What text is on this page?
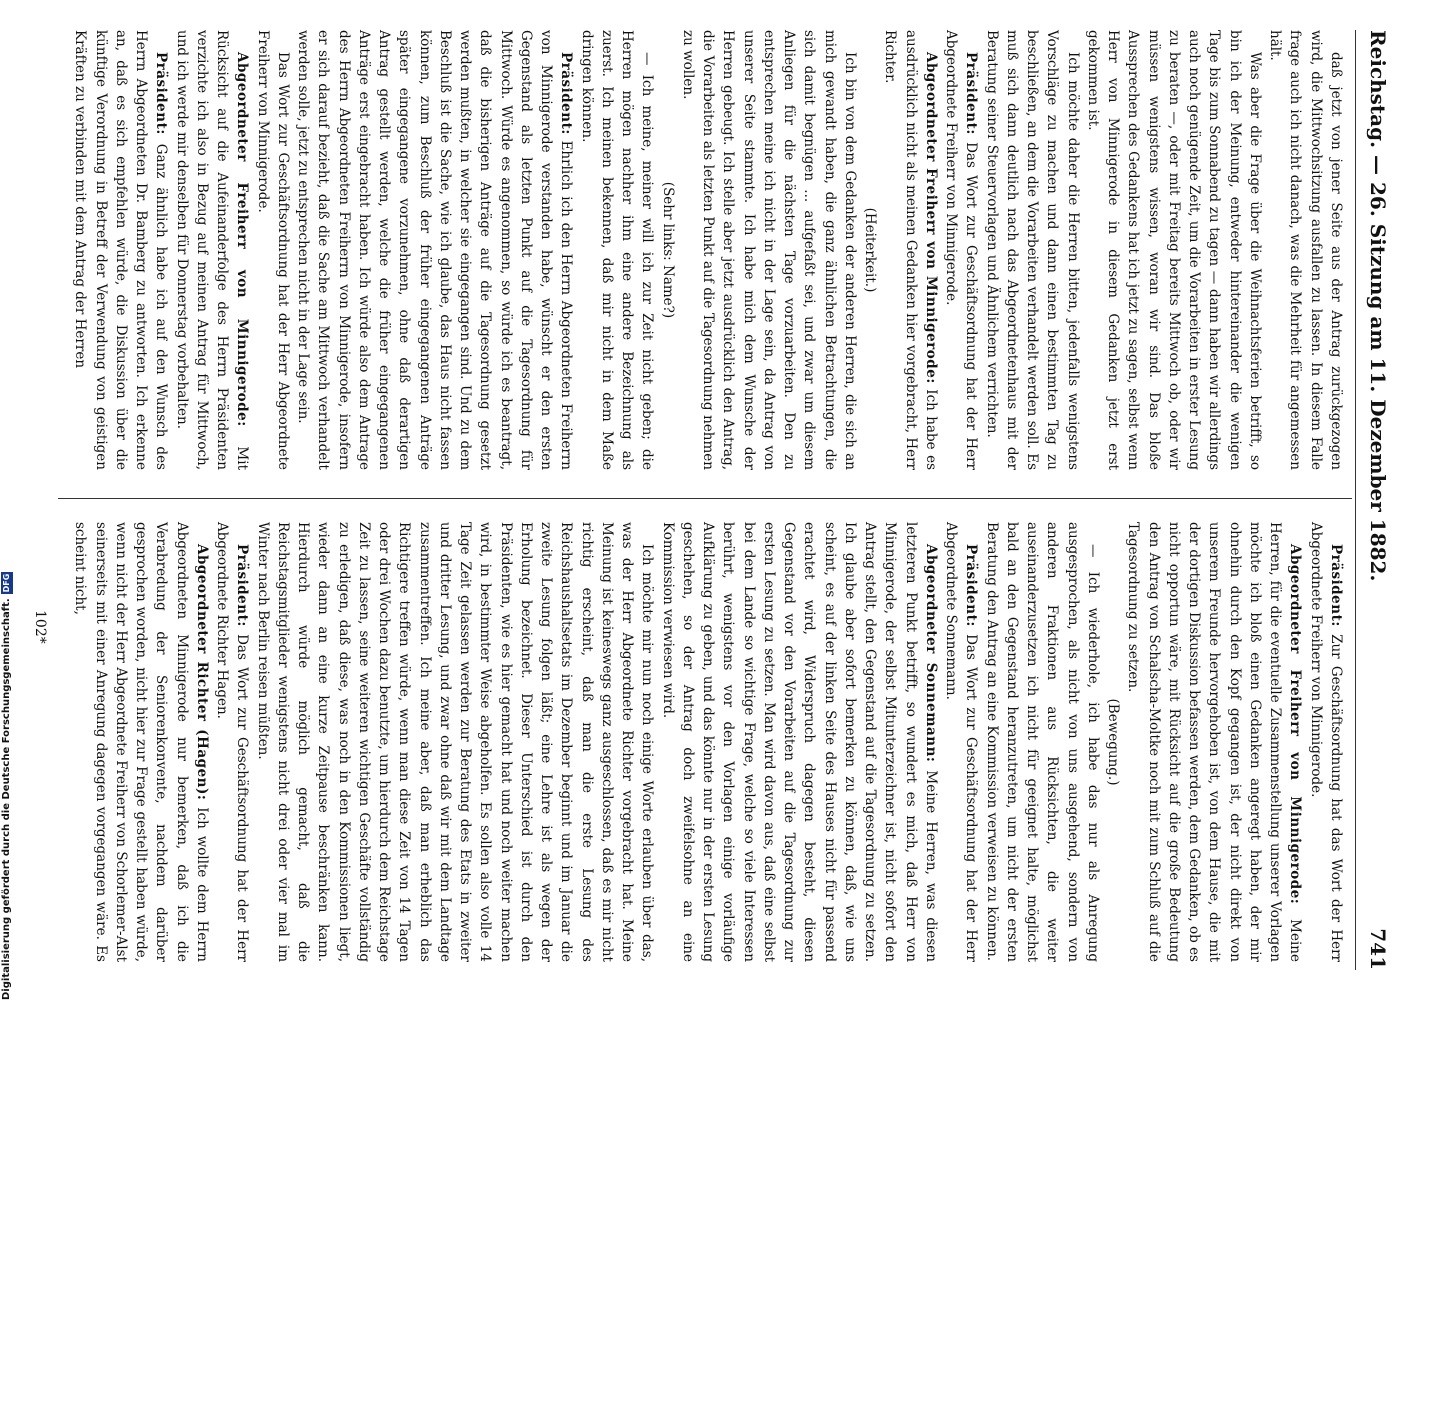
Reichstag. — 26. Sitzung am 11. Dezember 1882.
741

daß jetzt von jener Seite aus der Antrag zurückgezogen wird, die Mittwochsitzung ausfallen zu lassen. In diesem Falle frage auch ich nicht danach, was die Mehrheit für angemessen hält.

Was aber die Frage über die Weihnachtsferien betrifft, so bin ich der Meinung, entweder hintereinander die wenigen Tage bis zum Sonnabend zu tagen — dann haben wir allerdings auch noch genügende Zeit, um die Vorarbeiten in erster Lesung zu beraten —, oder mit Freitag bereits Mittwoch ob, oder wir müssen wenigstens wissen, woran wir sind. Das bloße Aussprechen des Gedankens hat ich jetzt zu sagen, selbst wenn Herr von Minnigerode in diesem Gedanken jetzt erst gekommen ist.

Ich möchte daher die Herren bitten, jedenfalls wenigstens Vorschläge zu machen und dann einen bestimmten Tag zu beschließen, an dem die Vorarbeiten verhandelt werden soll. Es muß sich dann deutlich nach das Abgeordnetenhaus mit der Beratung seiner Steuervorlagen und Ähnlichem verrichten.

Präsident: Das Wort zur Geschäftsordnung hat der Herr Abgeordnete Freiherr von Minnigerode.

Abgeordneter Freiherr von Minnigerode: Ich habe es ausdrücklich nicht als meinen Gedanken hier vorgebracht, Herr Richter.

(Heiterkeit.)

Ich bin von dem Gedanken der anderen Herren, die sich an mich gewandt haben, die ganz ähnlichen Betrachtungen, die sich damit begnügen ... aufgefaßt sei, und zwar um diesem Anliegen für die nächsten Tage vorzuarbeiten. Den zu entsprechen meine ich nicht in der Lage sein, da Antrag von unserer Seite stammte. Ich habe mich dem Wunsche der Herren gebeugt. Ich stelle aber jetzt ausdrücklich den Antrag, die Vorarbeiten als letzten Punkt auf die Tagesordnung nehmen zu wollen.

(Sehr links: Name?)

— Ich meine, meiner will ich zur Zeit nicht geben; die Herren mögen nachher ihm eine andere Bezeichnung als zuerst. Ich meinen bekennen, daß mir nicht in dem Maße dringen können.

Präsident: Ehrlich ich den Herrn Abgeordneten Freiherrn von Minnigerode verstanden habe, wünscht er den ersten Gegenstand als letzten Punkt auf die Tagesordnung für Mittwoch. Würde es angenommen, so würde ich es beantragt, daß die bisherigen Anträge auf die Tagesordnung gesetzt werden mußten, in welcher sie eingegangen sind. Und zu dem Beschluß ist die Sache, wie ich glaube, das Haus nicht fassen können, zum Beschluß der früher eingegangenen Anträge später eingegangene vorzunehmen, ohne daß derartigen Antrag gestellt werden, welche die früher eingegangenen Anträge erst eingebracht haben. Ich würde also dem Antrage des Herrn Abgeordneten Freiherrn von Minnigerode, insofern er sich darauf bezieht, daß die Sache am Mittwoch verhandelt werden solle, jetzt zu entsprechen nicht in der Lage sein.

Das Wort zur Geschäftsordnung hat der Herr Abgeordnete Freiherr von Minnigerode.

Abgeordneter Freiherr von Minnigerode: Mit Rücksicht auf die Aufeinanderfolge des Herrn Präsidenten verzichte ich also in Bezug auf meinen Antrag für Mittwoch, und ich werde mir denselben für Donnerstag vorbehalten.

Präsident: Ganz ähnlich habe ich auf den Wunsch des Herrn Abgeordneten Dr. Bamberg zu antworten. Ich erkenne an, daß es sich empfehlen würde, die Diskussion über die künftige Verordnung in Betreff der Verwendung von geistigen Kräften zu verbinden mit dem Antrag der Herren

Präsident: Zur Geschäftsordnung hat das Wort der Herr Abgeordnete Freiherr von Minnigerode.

Abgeordneter Freiherr von Minnigerode: Meine Herren, für die eventuelle Zusammenstellung unserer Vorlagen möchte ich bloß einen Gedanken angeregt haben, der mir ohnehin durch den Kopf gegangen ist, der nicht direkt von unserem Freunde hervorgehoben ist, von dem Hause, die mit der dortigen Diskussion befassen werden, dem Gedanken, ob es nicht opportun wäre, mit Rücksicht auf die große Bedeutung den Antrag von Schalscha-Moltke noch mit zum Schluß auf die Tagesordnung zu setzen.

(Bewegung.)

— Ich wiederhole, ich habe das nur als Anregung ausgesprochen, als nicht von uns ausgehend, sondern von anderen Fraktionen aus Rücksichten, die weiter auseinanderzusetzen ich nicht für geeignet halte, möglichst bald an den Gegenstand heranzutreten, um nicht der ersten Beratung den Antrag an eine Kommission verweisen zu können.

Präsident: Das Wort zur Geschäftsordnung hat der Herr Abgeordnete Sonnemann.

Abgeordneter Sonnemann: Meine Herren, was diesen letzteren Punkt betrifft, so wundert es mich, daß Herr von Minnigerode, der selbst Mitunterzeichner ist, nicht sofort den Antrag stellt, den Gegenstand auf die Tagesordnung zu setzen. Ich glaube aber sofort bemerken zu können, daß, wie uns scheint, es auf der linken Seite des Hauses nicht für passend erachtet wird, Widerspruch dagegen besteht, diesen Gegenstand vor den Vorarbeiten auf die Tagesordnung zur ersten Lesung zu setzen. Man wird davon aus, daß eine selbst bei dem Lande so wichtige Frage, welche so viele Interessen berührt, wenigstens vor den Vorlagen einige vorläufige Aufklärung zu geben, und das könnte nur in der ersten Lesung geschehen, so der Antrag doch zweifelsohne an eine Kommission verwiesen wird.

Ich möchte mir nun noch einige Worte erlauben über das, was der Herr Abgeordnete Richter vorgebracht hat. Meine Meinung ist keineswegs ganz ausgeschlossen, daß es mir nicht richtig erscheint, daß man die erste Lesung des Reichshaushaltsetats im Dezember beginnt und im Januar die zweite Lesung folgen läßt; eine Lehre ist als wegen der Erholung bezeichnet. Dieser Unterschied ist durch den Präsidenten, wie es hier gemacht hat und noch weiter machen wird, in bestimmter Weise abgeholfen. Es sollen also volle 14 Tage Zeit gelassen werden zur Beratung des Etats in zweiter und dritter Lesung, und zwar ohne daß wir mit dem Landtage zusammentreffen. Ich meine aber, daß man erheblich das Richtigere treffen würde, wenn man diese Zeit von 14 Tagen oder drei Wochen dazu benutzte, um hierdurch dem Reichstage Zeit zu lassen, seine weiteren wichtigen Geschäfte vollständig zu erledigen, daß diese, was noch in den Kommissionen liegt, wieder dann an eine kurze Zeitpause beschränken kann. Hierdurch würde möglich gemacht, daß die Reichstagsmitglieder wenigstens nicht drei oder vier mal im Winter nach Berlin reisen müßten.

Präsident: Das Wort zur Geschäftsordnung hat der Herr Abgeordnete Richter Hagen.

Abgeordneter Richter (Hagen): Ich wollte dem Herrn Abgeordneten Minnigerode nur bemerken, daß ich die Verabredung der Seniorenkonvente, nachdem darüber gesprochen worden, nicht hier zur Frage gestellt haben würde, wenn nicht der Herr Abgeordnete Freiherr von Schorlemer-Alst seinerseits mit einer Anregung dagegen vorgegangen wäre. Es scheint nicht,

102*
Digitalisierung gefördert durch die Deutsche Forschungsgemeinschaft.
DFG
